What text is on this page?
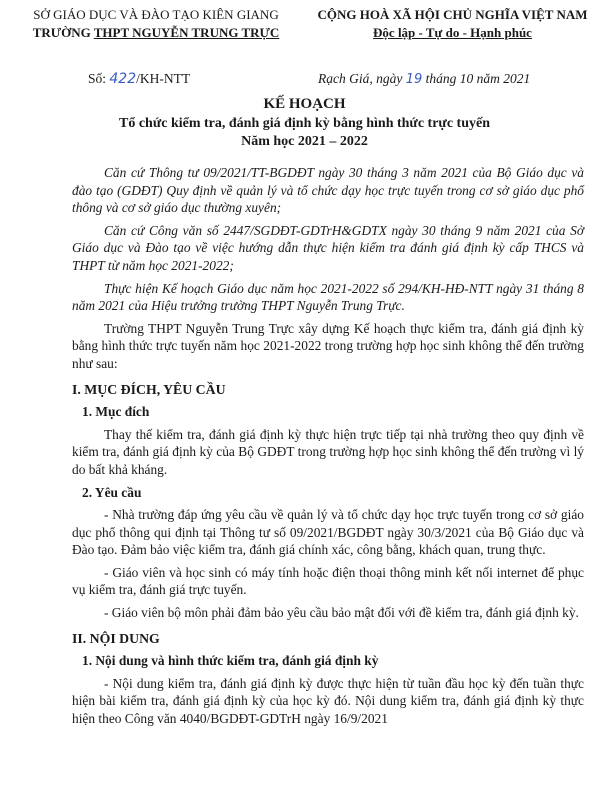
SỞ GIÁO DỤC VÀ ĐÀO TẠO KIÊN GIANG
TRƯỜNG THPT NGUYỄN TRUNG TRỰC
CỘNG HOÀ XÃ HỘI CHỦ NGHĨA VIỆT NAM
Độc lập - Tự do - Hạnh phúc
Số: 422/KH-NTT	Rạch Giá, ngày 19 tháng 10 năm 2021
KẾ HOẠCH
Tổ chức kiểm tra, đánh giá định kỳ bằng hình thức trực tuyến
Năm học 2021 – 2022

Căn cứ Thông tư 09/2021/TT-BGDĐT ngày 30 tháng 3 năm 2021 của Bộ Giáo dục và đào tạo (GDĐT) Quy định về quản lý và tổ chức dạy học trực tuyến trong cơ sở giáo dục phổ thông và cơ sở giáo dục thường xuyên;

Căn cứ Công văn số 2447/SGDĐT-GDTrH&GDTX ngày 30 tháng 9 năm 2021 của Sở Giáo dục và Đào tạo về việc hướng dẫn thực hiện kiểm tra đánh giá định kỳ cấp THCS và THPT từ năm học 2021-2022;

Thực hiện Kế hoạch Giáo dục năm học 2021-2022 số 294/KH-HĐ-NTT ngày 31 tháng 8 năm 2021 của Hiệu trưởng trường THPT Nguyễn Trung Trực.

Trường THPT Nguyễn Trung Trực xây dựng Kế hoạch thực kiểm tra, đánh giá định kỳ bằng hình thức trực tuyến năm học 2021-2022 trong trường hợp học sinh không thể đến trường như sau:

I. MỤC ĐÍCH, YÊU CẦU
1. Mục đích

Thay thế kiểm tra, đánh giá định kỳ thực hiện trực tiếp tại nhà trường theo quy định về kiểm tra, đánh giá định kỳ của Bộ GDĐT trong trường hợp học sinh không thể đến trường vì lý do bất khả kháng.

2. Yêu cầu

- Nhà trường đáp ứng yêu cầu về quản lý và tổ chức dạy học trực tuyến trong cơ sở giáo dục phổ thông qui định tại Thông tư số 09/2021/BGDĐT ngày 30/3/2021 của Bộ Giáo dục và Đào tạo. Đảm bảo việc kiểm tra, đánh giá chính xác, công bằng, khách quan, trung thực.

- Giáo viên và học sinh có máy tính hoặc điện thoại thông minh kết nối internet để phục vụ kiểm tra, đánh giá trực tuyến.

- Giáo viên bộ môn phải đảm bảo yêu cầu bảo mật đối với đề kiểm tra, đánh giá định kỳ.

II. NỘI DUNG
1. Nội dung và hình thức kiểm tra, đánh giá định kỳ

- Nội dung kiểm tra, đánh giá định kỳ được thực hiện từ tuần đầu học kỳ đến tuần thực hiện bài kiểm tra, đánh giá định kỳ của học kỳ đó. Nội dung kiểm tra, đánh giá định kỳ thực hiện theo Công văn 4040/BGDĐT-GDTrH ngày 16/9/2021
